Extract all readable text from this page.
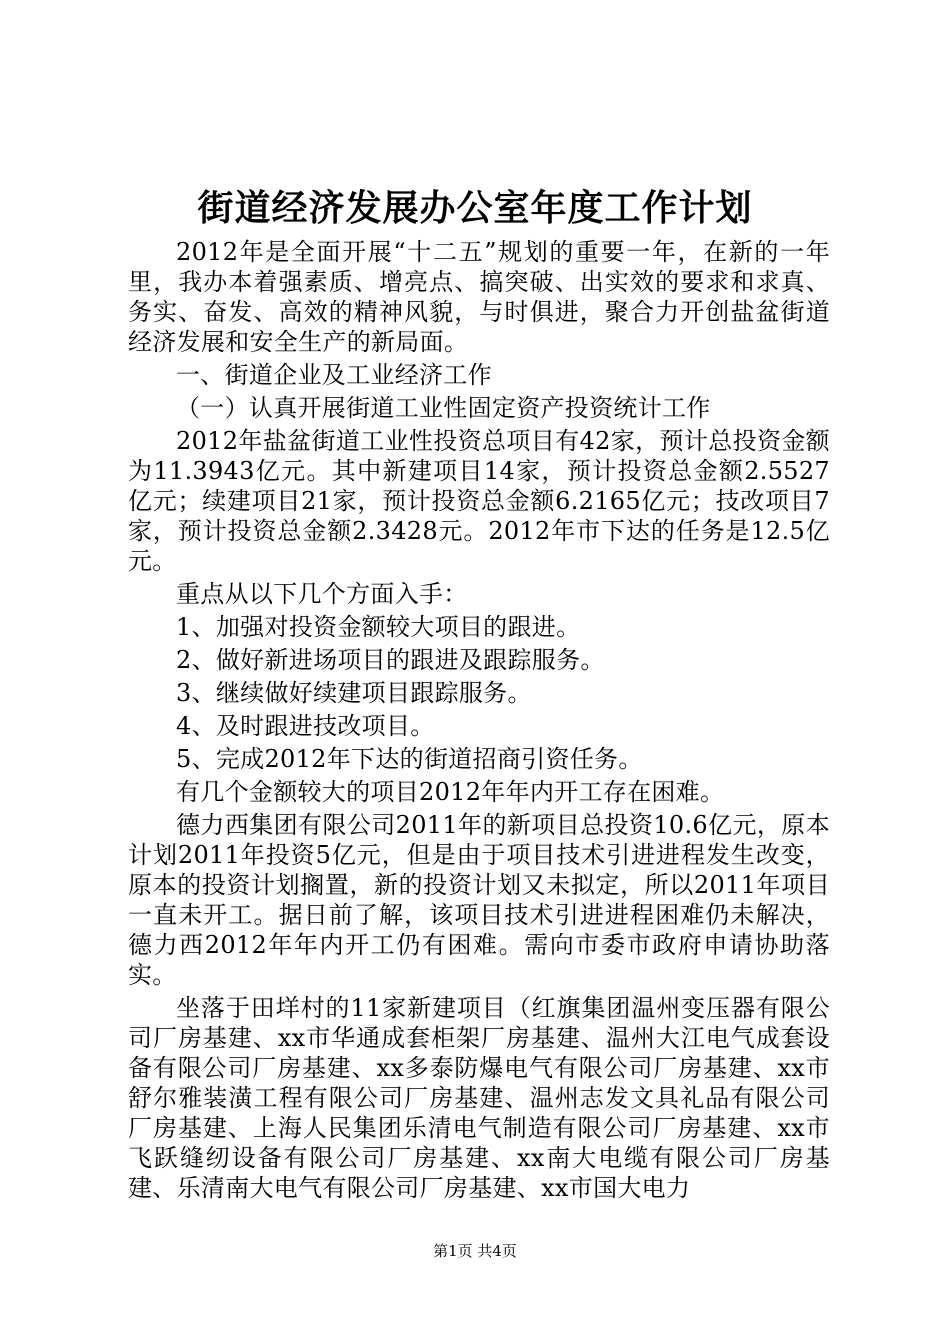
街道经济发展办公室年度工作计划

2012年是全面开展“十二五”规划的重要一年，在新的一年里，我办本着强素质、增亮点、搞突破、出实效的要求和求真、务实、奋发、高效的精神风貌，与时俱进，聚合力开创盐盆街道经济发展和安全生产的新局面。

一、街道企业及工业经济工作

（一）认真开展街道工业性固定资产投资统计工作

2012年盐盆街道工业性投资总项目有42家，预计总投资金额为11.3943亿元。其中新建项目14家，预计投资总金额2.5527亿元；续建项目21家，预计投资总金额6.2165亿元；技改项目7家，预计投资总金额2.3428元。2012年市下达的任务是12.5亿元。

重点从以下几个方面入手：

1、加强对投资金额较大项目的跟进。

2、做好新进场项目的跟进及跟踪服务。

3、继续做好续建项目跟踪服务。

4、及时跟进技改项目。

5、完成2012年下达的街道招商引资任务。

有几个金额较大的项目2012年年内开工存在困难。

德力西集团有限公司2011年的新项目总投资10.6亿元，原本计划2011年投资5亿元，但是由于项目技术引进进程发生改变，原本的投资计划搁置，新的投资计划又未拟定，所以2011年项目一直未开工。据日前了解，该项目技术引进进程困难仍未解决，德力西2012年年内开工仍有困难。需向市委市政府申请协助落实。

坐落于田垟村的11家新建项目（红旗集团温州变压器有限公司厂房基建、xx市华通成套柜架厂房基建、温州大江电气成套设备有限公司厂房基建、xx多泰防爆电气有限公司厂房基建、xx市舒尔雅装潢工程有限公司厂房基建、温州志发文具礼品有限公司厂房基建、上海人民集团乐清电气制造有限公司厂房基建、xx市飞跃缝纫设备有限公司厂房基建、xx南大电缆有限公司厂房基建、乐清南大电气有限公司厂房基建、xx市国大电力

第1页 共4页
